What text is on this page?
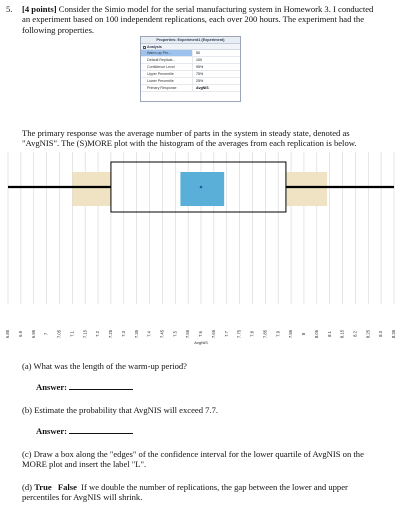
5. [4 points] Consider the Simio model for the serial manufacturing system in Homework 3. I conducted an experiment based on 100 independent replications, each over 200 hours. The experiment had the following properties.
Properties: Experiment1 (Experiment)
Analysis
Warm-up Per...	50
Default Replicat...	100
Confidence Level	95%
Upper Percentile	75%
Lower Percentile	25%
Primary Response	AvgNIS
The primary response was the average number of parts in the system in steady state, denoted as "AvgNIS". The (S)MORE plot with the histogram of the averages from each replication is below.
6.85 6.9 6.95 7 7.05 7.1 7.15 7.2 7.25 7.3 7.35 7.4 7.45 7.5 7.55 7.6 7.65 7.7 7.75 7.8 7.85 7.9 7.95 8 8.05 8.1 8.15 8.2 8.25 8.3 8.35
AvgNIS
(a) What was the length of the warm-up period?
Answer:
(b) Estimate the probability that AvgNIS will exceed 7.7.
Answer:
(c) Draw a box along the "edges" of the confidence interval for the lower quartile of AvgNIS on the MORE plot and insert the label "L".
(d) True False If we double the number of replications, the gap between the lower and upper percentiles for AvgNIS will shrink.
